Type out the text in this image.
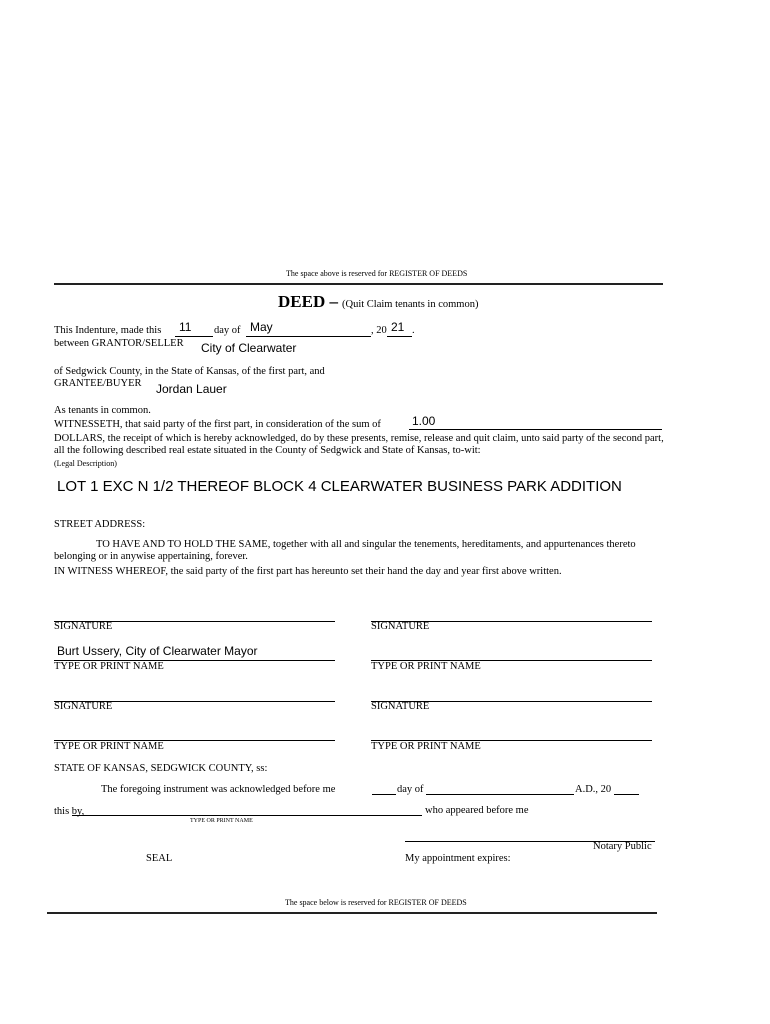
The space above is reserved for REGISTER OF DEEDS
DEED – (Quit Claim tenants in common)
This Indenture, made this 11 day of May	, 20 21 .
between GRANTOR/SELLER City of Clearwater
of Sedgwick County, in the State of Kansas, of the first part, and
GRANTEE/BUYER Jordan Lauer
As tenants in common.
WITNESSETH, that said party of the first part, in consideration of the sum of	1.00
DOLLARS, the receipt of which is hereby acknowledged, do by these presents, remise, release and quit claim, unto said party of the second part,
all the following described real estate situated in the County of Sedgwick and State of Kansas, to-wit:
(Legal Description)
LOT 1 EXC N 1/2 THEREOF BLOCK 4 CLEARWATER BUSINESS PARK ADDITION
STREET ADDRESS:
TO HAVE AND TO HOLD THE SAME, together with all and singular the tenements, hereditaments, and appurtenances thereto
belonging or in anywise appertaining, forever.
IN WITNESS WHEREOF, the said party of the first part has hereunto set their hand the day and year first above written.
SIGNATURE	SIGNATURE
Burt Ussery, City of Clearwater Mayor
TYPE OR PRINT NAME	TYPE OR PRINT NAME
SIGNATURE	SIGNATURE
TYPE OR PRINT NAME	TYPE OR PRINT NAME
STATE OF KANSAS, SEDGWICK COUNTY, ss:
The foregoing instrument was acknowledged before me	day of	A.D., 20
this by,	who appeared before me
TYPE OR PRINT NAME
Notary Public
SEAL	My appointment expires:
The space below is reserved for REGISTER OF DEEDS
